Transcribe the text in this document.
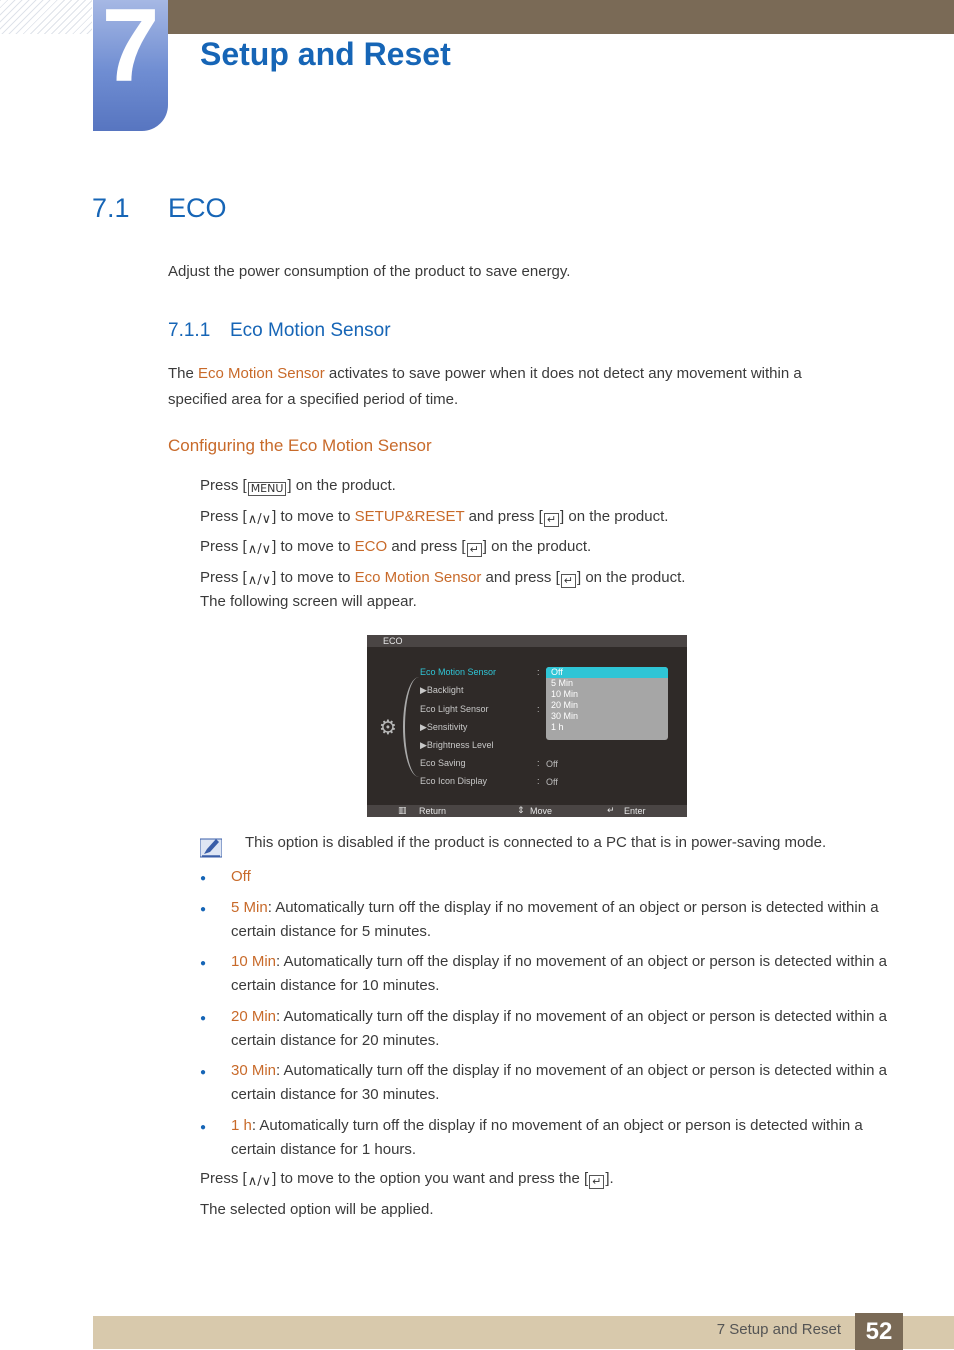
7 Setup and Reset
7.1 ECO

Adjust the power consumption of the product to save energy.

7.1.1 Eco Motion Sensor

The Eco Motion Sensor activates to save power when it does not detect any movement within a specified area for a specified period of time.

Configuring the Eco Motion Sensor

Press [ MENU ] on the product.

Press [∧/∨] to move to SETUP&RESET and press [ ↵ ] on the product.

Press [∧/∨] to move to ECO and press [ ↵ ] on the product.

Press [∧/∨] to move to Eco Motion Sensor and press [ ↵ ] on the product.

The following screen will appear.

ECO
⚙
Eco Motion Sensor	:
▶Backlight
Eco Light Sensor	:
▶Sensitivity
▶Brightness Level
Eco Saving	: Off
Eco Icon Display	: Off
Off
5 Min
10 Min
20 Min
30 Min
1 h
▥ Return	⇕ Move	↵ Enter

This option is disabled if the product is connected to a PC that is in power-saving mode.

● Off

● 5 Min: Automatically turn off the display if no movement of an object or person is detected within a certain distance for 5 minutes.

● 10 Min: Automatically turn off the display if no movement of an object or person is detected within a certain distance for 10 minutes.

● 20 Min: Automatically turn off the display if no movement of an object or person is detected within a certain distance for 20 minutes.

● 30 Min: Automatically turn off the display if no movement of an object or person is detected within a certain distance for 30 minutes.

● 1 h: Automatically turn off the display if no movement of an object or person is detected within a certain distance for 1 hours.

Press [∧/∨] to move to the option you want and press the [ ↵ ].

The selected option will be applied.

7 Setup and Reset	52
